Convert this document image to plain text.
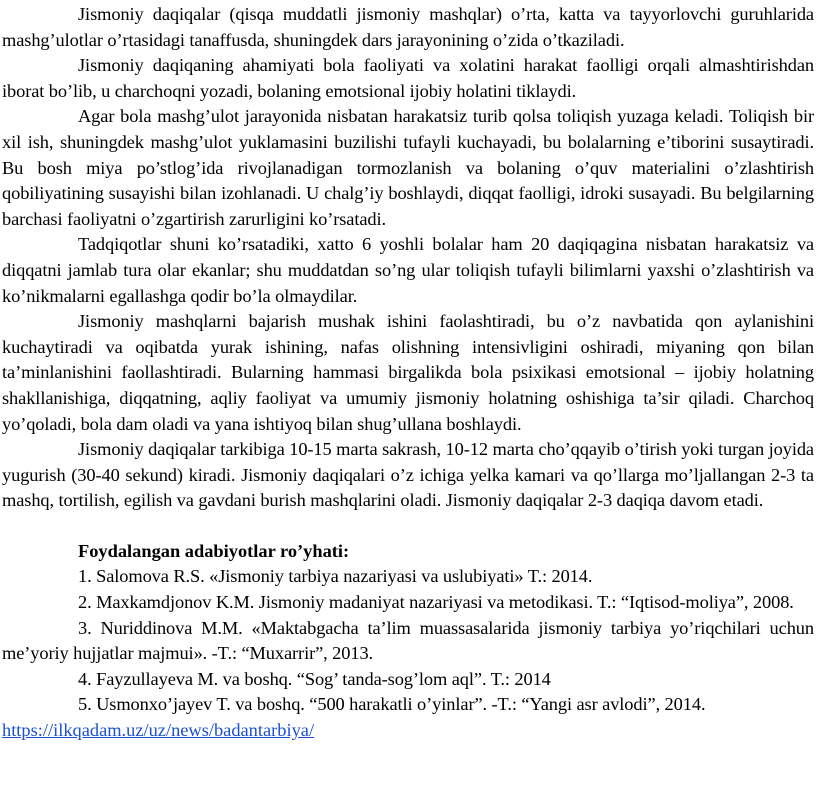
Jismoniy daqiqalar (qisqa muddatli jismoniy mashqlar) o’rta, katta va tayyorlovchi guruhlarida mashg’ulotlar o’rtasidagi tanaffusda, shuningdek dars jarayonining o’zida o’tkaziladi.

Jismoniy daqiqaning ahamiyati bola faoliyati va xolatini harakat faolligi orqali almashtirishdan iborat bo’lib, u charchoqni yozadi, bolaning emotsional ijobiy holatini tiklaydi.

Agar bola mashg’ulot jarayonida nisbatan harakatsiz turib qolsa toliqish yuzaga keladi. Toliqish bir xil ish, shuningdek mashg’ulot yuklamasini buzilishi tufayli kuchayadi, bu bolalarning e’tiborini susaytiradi. Bu bosh miya po’stlog’ida rivojlanadigan tormozlanish va bolaning o’quv materialini o’zlashtirish qobiliyatining susayishi bilan izohlanadi. U chalg’iy boshlaydi, diqqat faolligi, idroki susayadi. Bu belgilarning barchasi faoliyatni o’zgartirish zarurligini ko’rsatadi.

Tadqiqotlar shuni ko’rsatadiki, xatto 6 yoshli bolalar ham 20 daqiqagina nisbatan harakatsiz va diqqatni jamlab tura olar ekanlar; shu muddatdan so’ng ular toliqish tufayli bilimlarni yaxshi o’zlashtirish va ko’nikmalarni egallashga qodir bo’la olmaydilar.

Jismoniy mashqlarni bajarish mushak ishini faolashtiradi, bu o’z navbatida qon aylanishini kuchaytiradi va oqibatda yurak ishining, nafas olishning intensivligini oshiradi, miyaning qon bilan ta’minlanishini faollashtiradi. Bularning hammasi birgalikda bola psixikasi emotsional – ijobiy holatning shakllanishiga, diqqatning, aqliy faoliyat va umumiy jismoniy holatning oshishiga ta’sir qiladi. Charchoq yo’qoladi, bola dam oladi va yana ishtiyoq bilan shug’ullana boshlaydi.

Jismoniy daqiqalar tarkibiga 10-15 marta sakrash, 10-12 marta cho’qqayib o’tirish yoki turgan joyida yugurish (30-40 sekund) kiradi. Jismoniy daqiqalari o’z ichiga yelka kamari va qo’llarga mo’ljallangan 2-3 ta mashq, tortilish, egilish va gavdani burish mashqlarini oladi. Jismoniy daqiqalar 2-3 daqiqa davom etadi.

Foydalangan adabiyotlar ro’yhati:

1. Salomova R.S. «Jismoniy tarbiya nazariyasi va uslubiyati» T.: 2014.

2. Maxkamdjonov K.M. Jismoniy madaniyat nazariyasi va metodikasi. T.: “Iqtisod-moliya”, 2008.

3. Nuriddinova M.M. «Maktabgacha ta’lim muassasalarida jismoniy tarbiya yo’riqchilari uchun me’yoriy hujjatlar majmui». -T.: “Muxarrir”, 2013.

4. Fayzullayeva M. va boshq. “Sog’ tanda-sog’lom aql”. T.: 2014

5. Usmonxo’jayev T. va boshq. “500 harakatli o’yinlar”. -T.: “Yangi asr avlodi”, 2014.

https://ilkqadam.uz/uz/news/badantarbiya/
